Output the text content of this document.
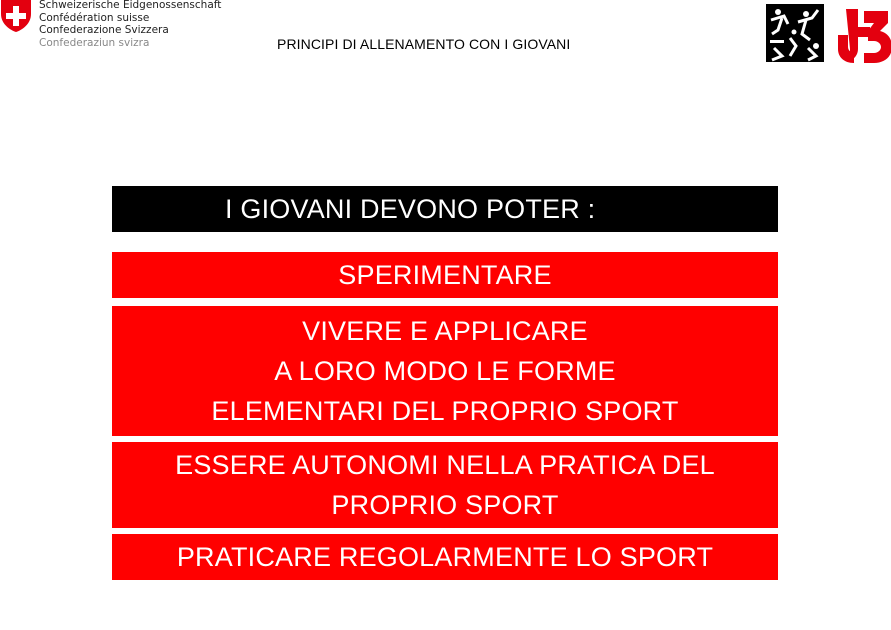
Schweizerische Eidgenossenschaft
Confédération suisse
Confederazione Svizzera
Confederaziun svizra	PRINCIPI DI ALLENAMENTO CON I GIOVANI
I GIOVANI DEVONO POTER :
SPERIMENTARE
VIVERE E APPLICARE
A LORO MODO LE FORME
ELEMENTARI DEL PROPRIO SPORT
ESSERE AUTONOMI NELLA PRATICA DEL
PROPRIO SPORT
PRATICARE REGOLARMENTE LO SPORT
